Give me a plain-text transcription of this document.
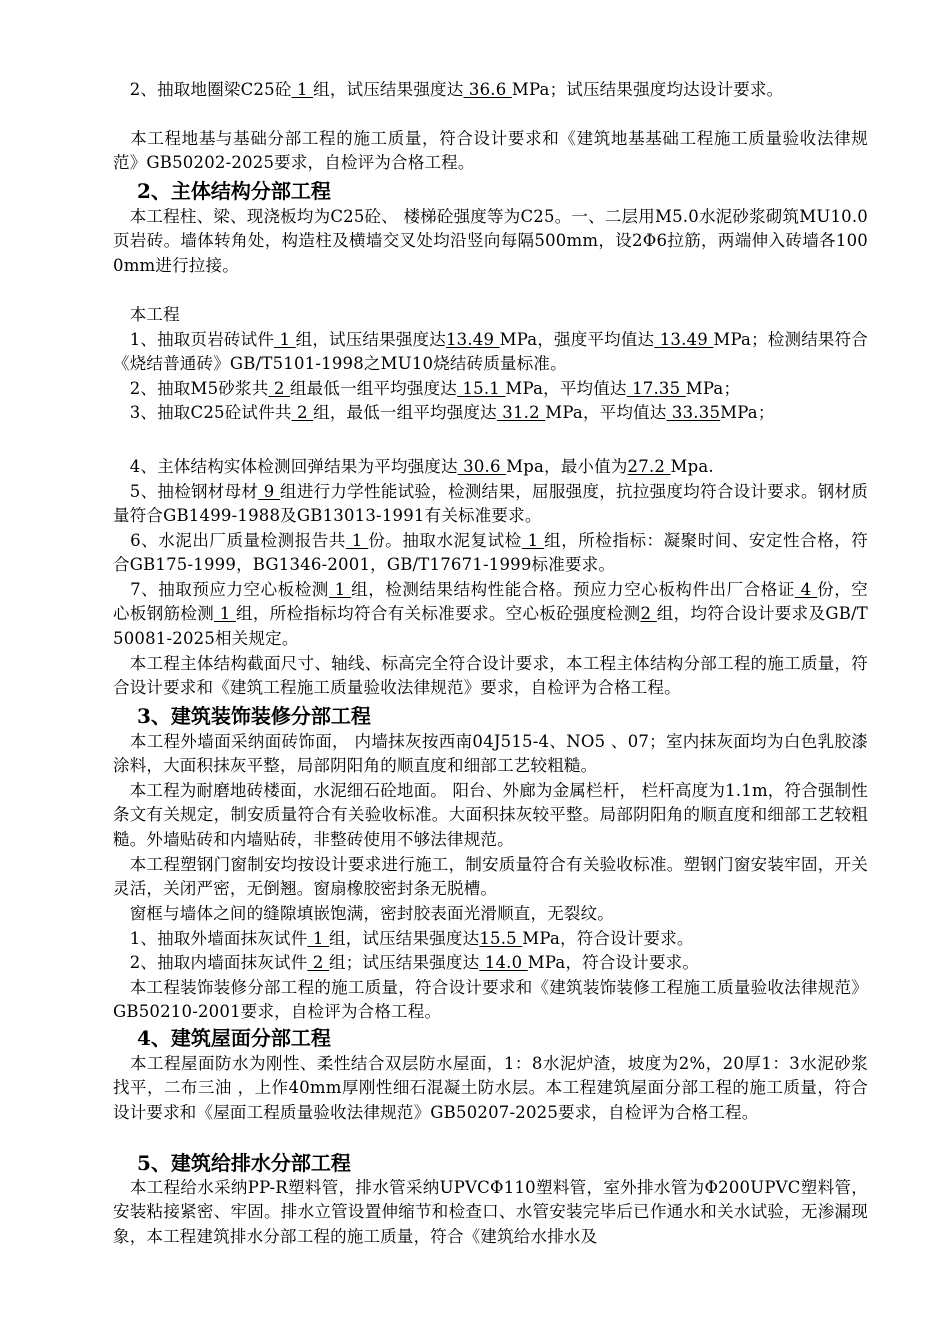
　2、抽取地圈梁C25砼 1 组，试压结果强度达 36.6 MPa；试压结果强度均达设计要求。
　本工程地基与基础分部工程的施工质量，符合设计要求和《建筑地基基础工程施工质量验收法律规范》GB50202-2025要求，自检评为合格工程。
2、主体结构分部工程
　本工程柱、梁、现浇板均为C25砼、 楼梯砼强度等为C25。一、二层用M5.0水泥砂浆砌筑MU10.0页岩砖。墙体转角处，构造柱及横墙交叉处均沿竖向每隔500mm，设2Φ6拉筋，两端伸入砖墙各1000mm进行拉接。
　本工程
　1、抽取页岩砖试件 1 组，试压结果强度达13.49 MPa，强度平均值达 13.49 MPa；检测结果符合《烧结普通砖》GB/T5101-1998之MU10烧结砖质量标准。
　2、抽取M5砂浆共 2 组最低一组平均强度达 15.1 MPa，平均值达 17.35 MPa；
　3、抽取C25砼试件共 2 组，最低一组平均强度达 31.2 MPa，平均值达 33.35MPa；
　4、主体结构实体检测回弹结果为平均强度达 30.6 Mpa，最小值为27.2 Mpa.
　5、抽检钢材母材 9 组进行力学性能试验，检测结果，屈服强度，抗拉强度均符合设计要求。钢材质量符合GB1499-1988及GB13013-1991有关标准要求。
　6、水泥出厂质量检测报告共 1 份。抽取水泥复试检 1 组，所检指标：凝聚时间、安定性合格，符合GB175-1999，BG1346-2001，GB/T17671-1999标准要求。
　7、抽取预应力空心板检测 1 组，检测结果结构性能合格。预应力空心板构件出厂合格证 4 份，空心板钢筋检测 1 组，所检指标均符合有关标准要求。空心板砼强度检测2 组，均符合设计要求及GB/T50081-2025相关规定。
　本工程主体结构截面尺寸、轴线、标高完全符合设计要求，本工程主体结构分部工程的施工质量，符合设计要求和《建筑工程施工质量验收法律规范》要求，自检评为合格工程。
3、建筑装饰装修分部工程
　本工程外墙面采纳面砖饰面， 内墙抹灰按西南04J515-4、NO5 、07；室内抹灰面均为白色乳胶漆涂料，大面积抹灰平整，局部阴阳角的顺直度和细部工艺较粗糙。
　本工程为耐磨地砖楼面，水泥细石砼地面。 阳台、外廊为金属栏杆， 栏杆高度为1.1m，符合强制性条文有关规定，制安质量符合有关验收标准。大面积抹灰较平整。局部阴阳角的顺直度和细部工艺较粗糙。外墙贴砖和内墙贴砖，非整砖使用不够法律规范。
　本工程塑钢门窗制安均按设计要求进行施工，制安质量符合有关验收标准。塑钢门窗安装牢固，开关灵活，关闭严密，无倒翘。窗扇橡胶密封条无脱槽。
　窗框与墙体之间的缝隙填嵌饱满，密封胶表面光滑顺直，无裂纹。
　1、抽取外墙面抹灰试件 1 组，试压结果强度达15.5 MPa，符合设计要求。
　2、抽取内墙面抹灰试件 2 组；试压结果强度达 14.0 MPa，符合设计要求。
　本工程装饰装修分部工程的施工质量，符合设计要求和《建筑装饰装修工程施工质量验收法律规范》GB50210-2001要求，自检评为合格工程。
4、建筑屋面分部工程
　本工程屋面防水为刚性、柔性结合双层防水屋面，1：8水泥炉渣，坡度为2%，20厚1：3水泥砂浆找平，二布三油 ，上作40mm厚刚性细石混凝土防水层。本工程建筑屋面分部工程的施工质量，符合设计要求和《屋面工程质量验收法律规范》GB50207-2025要求，自检评为合格工程。
5、建筑给排水分部工程
　本工程给水采纳PP-R塑料管，排水管采纳UPVCΦ110塑料管，室外排水管为Φ200UPVC塑料管，安装粘接紧密、牢固。排水立管设置伸缩节和检查口、水管安装完毕后已作通水和关水试验，无渗漏现象，本工程建筑排水分部工程的施工质量，符合《建筑给水排水及
